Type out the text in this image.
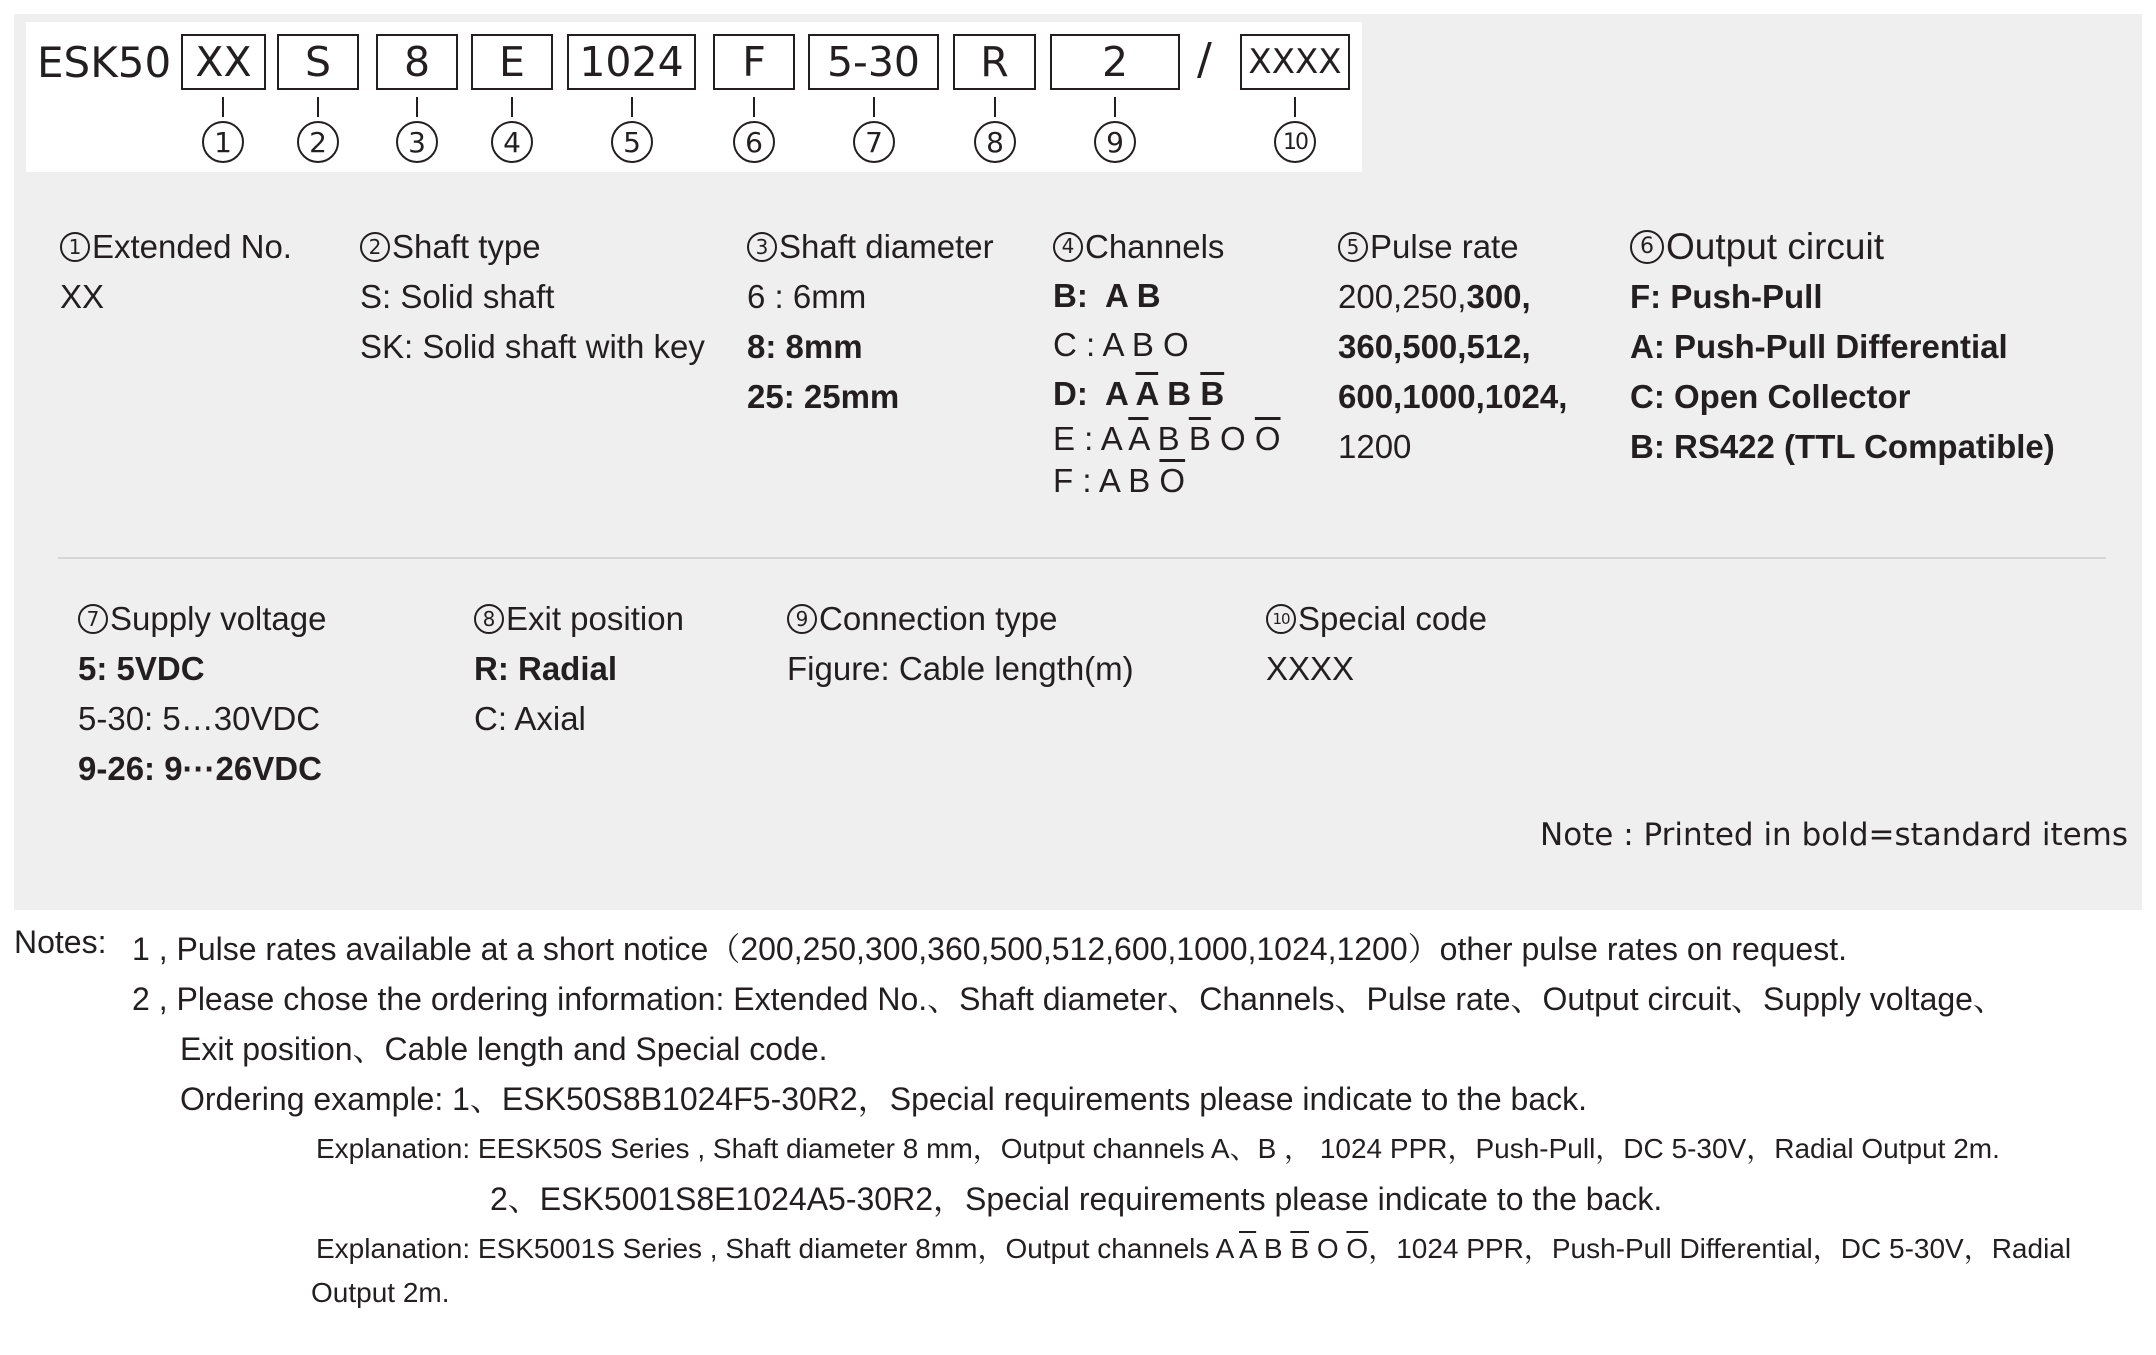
ESK50 XX	S	8	E	1024	F	5-30	R	2	/ XXXX
1	2	3	4	5	6	7	8	9	10
1 Extended No.
XX
2 Shaft type
S: Solid shaft
SK: Solid shaft with key
3 Shaft diameter
6 : 6mm
8: 8mm
25: 25mm
4 Channels
B: A B
C : A B O
D: A $\overline{A}$ B $\overline{B}$
E : A $\overline{A}$ B $\overline{B}$ O $\overline{O}$
F : A B $\overline{O}$
5 Pulse rate
200,250,300,
360,500,512,
600,1000,1024,
1200
6 Output circuit
F: Push-Pull
A: Push-Pull Differential
C: Open Collector
B: RS422 (TTL Compatible)
7 Supply voltage
5: 5VDC
5-30: 5…30VDC
9-26: 9···26VDC
8 Exit position
R: Radial
C: Axial
9 Connection type
Figure: Cable length(m)
10 Special code
XXXX
Note : Printed in bold=standard items
Notes: 1 , Pulse rates available at a short notice（200,250,300,360,500,512,600,1000,1024,1200）other pulse rates on request.
2 , Please chose the ordering information: Extended No.、Shaft diameter、Channels、Pulse rate、Output circuit、Supply voltage、
Exit position、Cable length and Special code.
Ordering example: 1、ESK50S8B1024F5-30R2，Special requirements please indicate to the back.
Explanation: EESK50S Series , Shaft diameter 8 mm，Output channels A、B ， 1024 PPR，Push-Pull，DC 5-30V，Radial Output 2m.
2、ESK5001S8E1024A5-30R2，Special requirements please indicate to the back.
Explanation: ESK5001S Series , Shaft diameter 8mm，Output channels A $\overline{A}$ B $\overline{B}$ O $\overline{O}$，1024 PPR，Push-Pull Differential，DC 5-30V，Radial
Output 2m.
